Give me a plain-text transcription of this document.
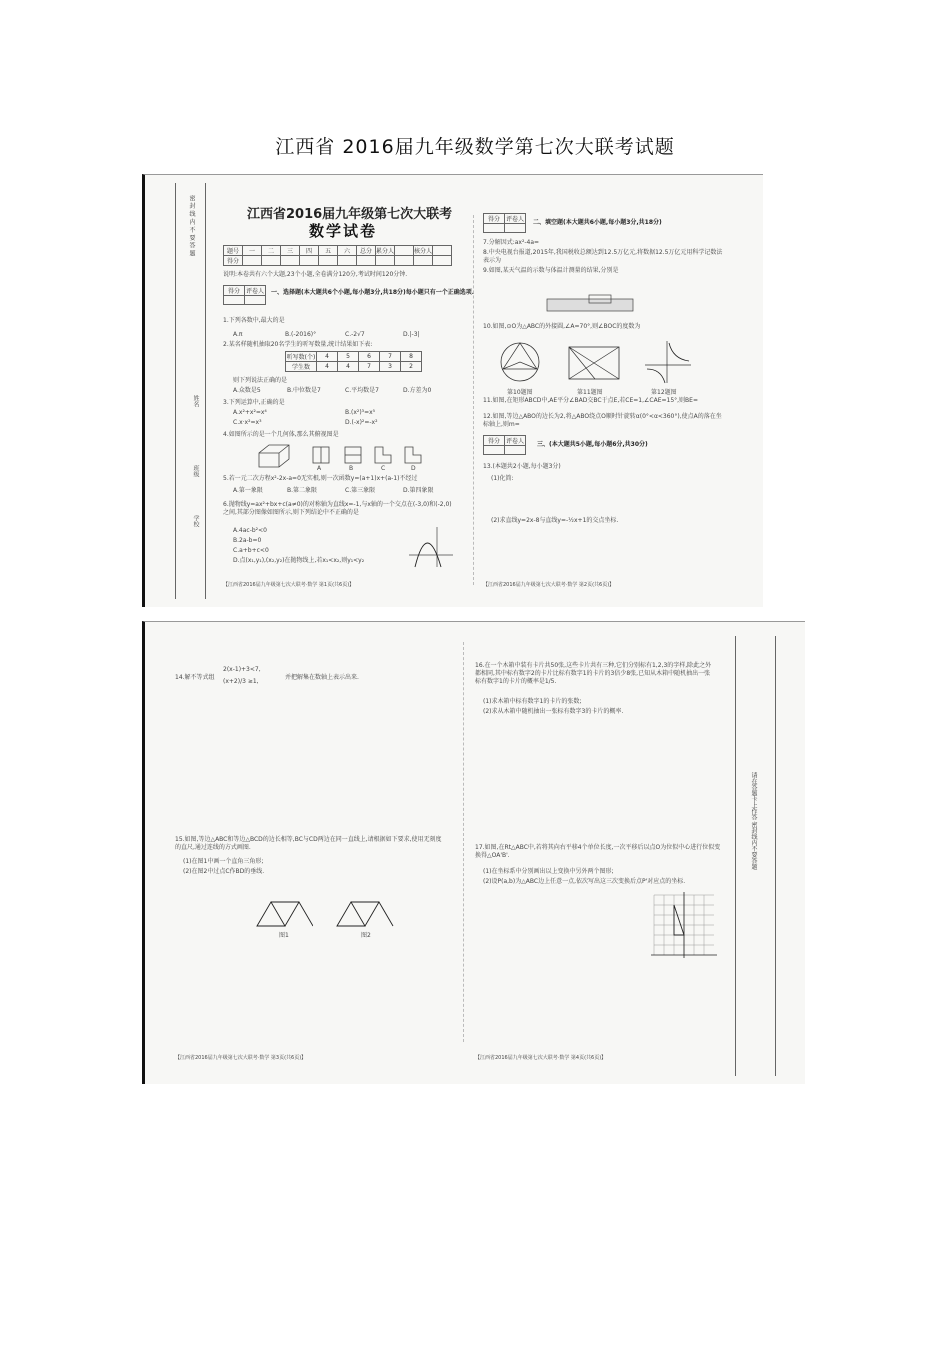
江西省 2016届九年级数学第七次大联考试题
密 封 线 内 不 要 答 题
学校
班级
姓名
江西省2016届九年级第七次大联考
数学试卷
题号	一	二	三	四	五	六	总分	累分人		核分人	
得分											
说明:本卷共有六个大题,23个小题,全卷满分120分,考试时间120分钟.
得分	评卷人
	一、选择题(本大题共6个小题,每小题3分,共18分)每小题只有一个正确选项.
1.下列各数中,最大的是
A.π	B.(-2016)°	C.-2√7	D.|-3|
2.某名样随机抽取20名学生的听写数量,统计结果如下表:
听写数(个)	4	5	6	7	8
学生数	4	4	7	3	2
则下列说法正确的是
A.众数是5	B.中位数是7	C.平均数是7	D.方差为0
3.下列运算中,正确的是
A.x²+x²=x⁴	B.(x²)³=x⁵
C.x·x²=x³	D.(-x)²=-x²
4.如图所示的是一个几何体,那么其俯视图是
A	B	C	D
5.若一元二次方程x²-2x-a=0无实根,则一次函数y=(a+1)x+(a-1)不经过
A.第一象限	B.第二象限	C.第三象限	D.第四象限
6.抛物线y=ax²+bx+c(a≠0)的对称轴为直线x=-1,与x轴的一个交点在(-3,0)和(-2,0)之间,其部分图像如图所示,则下列结论中不正确的是
A.4ac-b²<0
B.2a-b=0
C.a+b+c<0
D.点(x₁,y₁),(x₂,y₂)在抛物线上,若x₁<x₂,则y₁<y₂
【江西省2016届九年级第七次大联考·数学 第1页(共6页)】
得分	评卷人
	二、填空题(本大题共6小题,每小题3分,共18分)
7.分解因式:ax²-4a=
8.中央电视台报道,2015年,我国税收总额达到12.5万亿元,将数据12.5万亿元用科学记数法表示为
9.如图,某天气温的示数与体温计测量的结果,分别是
10.如图,⊙O为△ABC的外接圆,∠A=70°,则∠BOC的度数为
第10题图	第11题图	第12题图
11.如图,在矩形ABCD中,AE平分∠BAD交BC于点E,若CE=1,∠CAE=15°,则BE=
12.如图,等边△ABO的边长为2,将△ABO绕点O顺时针旋转α(0°<α<360°),使点A的落在坐标轴上,则m=
得分	评卷人
	三、(本大题共5小题,每小题6分,共30分)
13.(本题共2小题,每小题3分)
(1)化简:
(2)求直线y=2x-8与直线y=-½x+1的交点坐标.
【江西省2016届九年级第七次大联考·数学 第2页(共6页)】
14.解不等式组
2(x-1)+3<7,
(x+2)/3 ≥1,
并把解集在数轴上表示出来.
15.如图,等边△ABC和等边△BCD的边长相等,BC与CD两边在同一直线上,请根据如下要求,使用无刻度的直尺,通过连线的方式画图.
(1)在图1中画一个直角三角形;
(2)在图2中过点C作BD的垂线.
图1	图2
【江西省2016届九年级第七次大联考·数学 第3页(共6页)】
16.在一个木箱中装有卡片共50张,这些卡片共有三种,它们分别标有1,2,3的字样,除此之外都相同,其中标有数字2的卡片比标有数字1的卡片的3倍少8张,已知从木箱中随机抽出一张标有数字1的卡片的概率是1/5.
(1)求木箱中标有数字1的卡片的张数;
(2)求从木箱中随机抽出一张标有数字3的卡片的概率.
17.如图,在Rt△ABC中,若将其向右平移4个单位长度,一次平移后以点O为位似中心进行位似变换得△OA'B'.
(1)在坐标系中分别画出以上变换中另外两个图形;
(2)设P(a,b)为△ABC边上任意一点,依次写出这三次变换后点P'对应点的坐标.
【江西省2016届九年级第七次大联考·数学 第4页(共6页)】
请在答题卡上作答 密封线内不要答题
